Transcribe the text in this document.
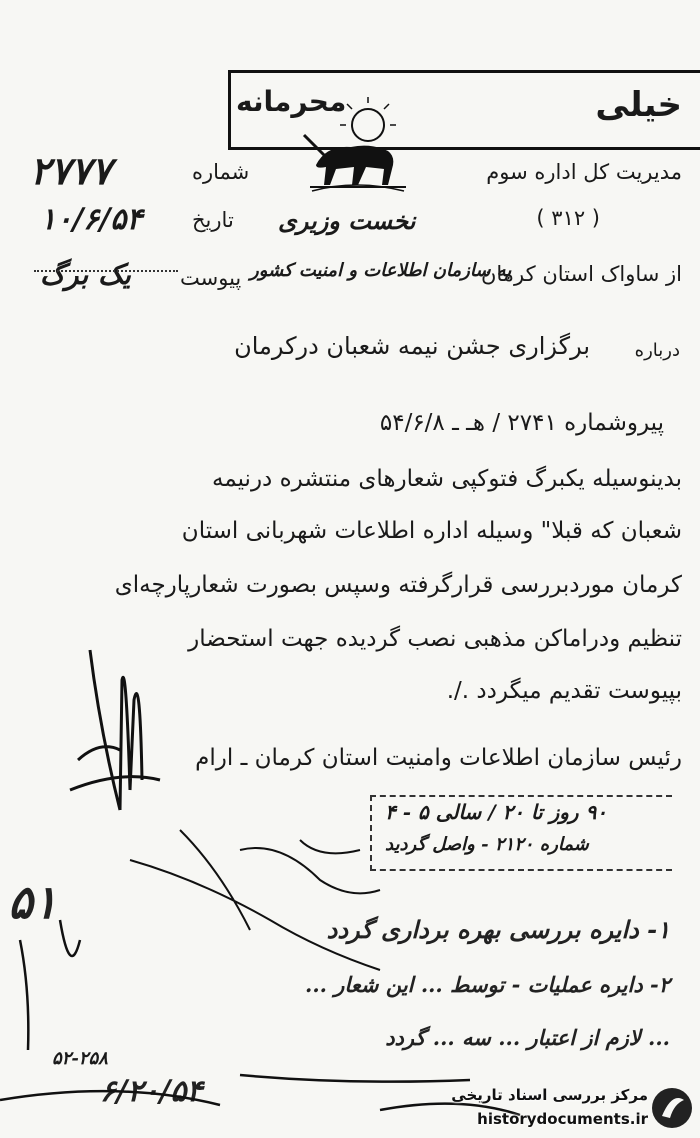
خیلی
محرمانه
۲۷۷۷	شماره
۱۰/۶/۵۴ تاریخ
یک برگ پیوست
مدیریت کل اداره سوم
( ۳۱۲ )
نخست وزیری
از ساواک استان کرمان
به سازمان اطلاعات و امنیت کشور
برگزاری جشن نیمه شعبان درکرمان درباره
پیروشماره ۲۷۴۱ / هـ ـ ۵۴/۶/۸
بدینوسیله یکبرگ فتوکپی شعارهای منتشره درنیمه
شعبان که قبلا" وسیله اداره اطلاعات شهربانی استان
کرمان موردبررسی قرارگرفته وسپس بصورت شعارپارچه‌ای
تنظیم ودراماکن مذهبی نصب گردیده جهت استحضار
بپیوست تقدیم میگردد ./.
رئیس سازمان اطلاعات وامنیت استان کرمان ـ ارام
۹۰ روز تا ۲۰ / سالی ۵ - ۴
شماره ۲۱۲۰ - واصل گردید
۵۱
۱- دایره بررسی بهره برداری گردد
۲- دایره عملیات - توسط ... این شعار ...
... لازم از اعتبار ... سه ... گردد
۵۲-۲۵۸
۶/۲۰/۵۴	مرکز بررسی اسناد تاریخی
historydocuments.ir
